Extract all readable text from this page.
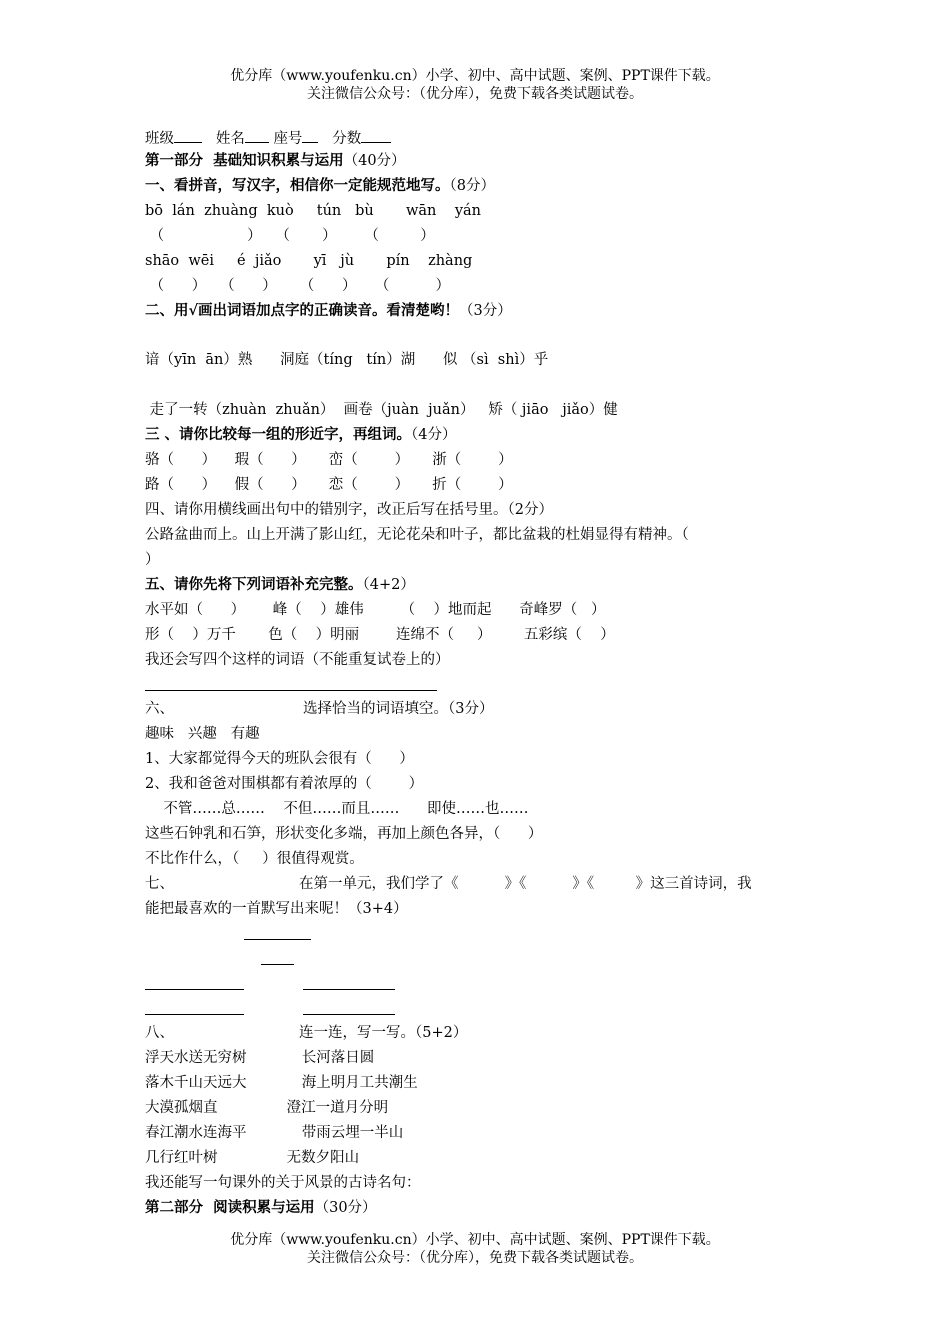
优分库（www.youfenku.cn）小学、初中、高中试题、案例、PPT课件下载。
关注微信公众号：（优分库），免费下载各类试题试卷。
班级	姓名 座号 分数
第一部分  基础知识积累与运用（40分）
一、看拼音，写汉字，相信你一定能规范地写。（8分）
bō  lán  zhuàng  kuò     tún   bù       wān    yán
（                  ）   （       ）      （         ）
shāo  wēi     é  jiǎo       yī   jù       pín    zhàng
（      ）   （      ）     （      ）    （          ）
二、用√画出词语加点字的正确读音。看清楚哟！（3分）
谙（yīn  ān）熟      洞庭（tíng   tín）湖      似 （sì  shì）乎
走了一转（zhuàn  zhuǎn）  画卷（juàn  juǎn）   矫（ jiāo   jiǎo）健
三 、请你比较每一组的形近字，再组词。（4分）
骆（      ）    瑕（      ）     峦（        ）     浙（        ）
路（      ）    假（      ）     恋（        ）     折（        ）
四、请你用横线画出句中的错别字，改正后写在括号里。（2分）
公路盆曲而上。山上开满了影山红，无论花朵和叶子，都比盆栽的杜娟显得有精神。（
）
五、请你先将下列词语补充完整。（4+2）
水平如（      ）      峰（    ）雄伟        （    ）地而起      奇峰罗（   ）
形（    ）万千       色（    ）明丽        连绵不（     ）       五彩缤（    ）
我还会写四个这样的词语（不能重复试卷上的）
六、	选择恰当的词语填空。（3分）
趣味   兴趣   有趣
1、大家都觉得今天的班队会很有（      ）
2、我和爸爸对围棋都有着浓厚的（        ）
不管……总……    不但……而且……      即使……也……
这些石钟乳和石笋，形状变化多端，再加上颜色各异，（      ）
不比作什么，（     ）很值得观赏。
七、	在第一单元，我们学了《          》《          》《         》这三首诗词，我
能把最喜欢的一首默写出来呢！（3+4）
八、	连一连，写一写。（5+2）
浮天水送无穷树            长河落日圆
落木千山天远大            海上明月工共潮生
大漠孤烟直               澄江一道月分明
春江潮水连海平            带雨云埋一半山
几行红叶树               无数夕阳山
我还能写一句课外的关于风景的古诗名句：
第二部分  阅读积累与运用（30分）
优分库（www.youfenku.cn）小学、初中、高中试题、案例、PPT课件下载。
关注微信公众号：（优分库），免费下载各类试题试卷。
